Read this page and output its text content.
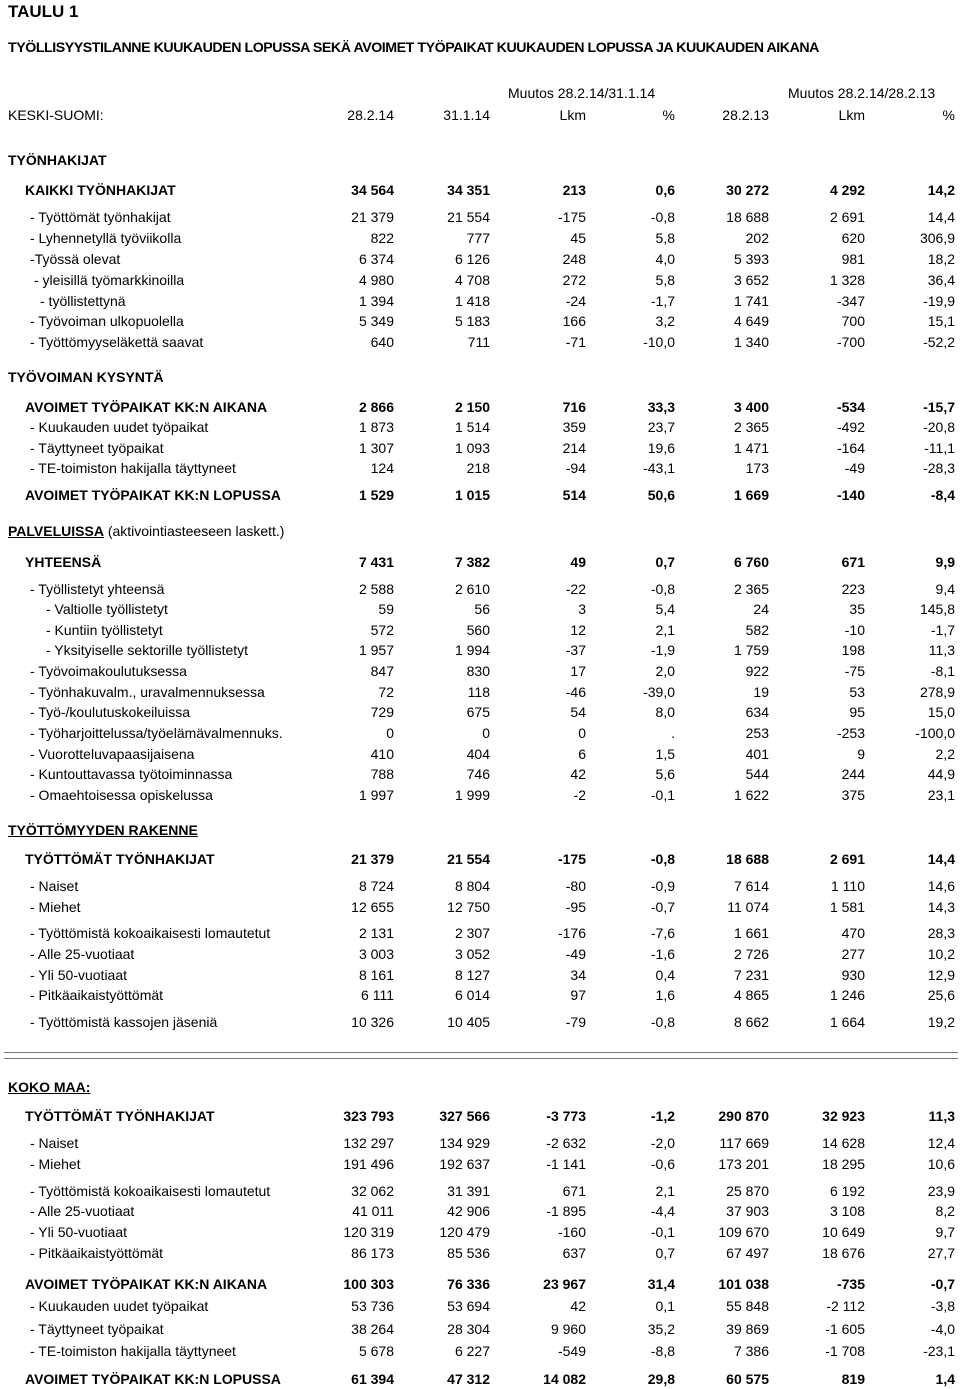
TAULU 1
TYÖLLISYYSTILANNE KUUKAUDEN LOPUSSA SEKÄ AVOIMET TYÖPAIKAT KUUKAUDEN LOPUSSA JA KUUKAUDEN AIKANA
Muutos 28.2.14/31.1.14	Muutos 28.2.14/28.2.13
KESKI-SUOMI:	28.2.14	31.1.14	Lkm	%	28.2.13	Lkm	%
TYÖNHAKIJAT
TYÖVOIMAN KYSYNTÄ
PALVELUISSA (aktivointiasteeseen laskett.)
TYÖTTÖMYYDEN RAKENNE
KOKO MAA:
KAIKKI TYÖNHAKIJAT	34 564	34 351	213	0,6	30 272	4 292	14,2
- Työttömät työnhakijat	21 379	21 554	-175	-0,8	18 688	2 691	14,4
- Lyhennetyllä työviikolla	822	777	45	5,8	202	620	306,9
-Työssä olevat	6 374	6 126	248	4,0	5 393	981	18,2
- yleisillä työmarkkinoilla	4 980	4 708	272	5,8	3 652	1 328	36,4
- työllistettynä	1 394	1 418	-24	-1,7	1 741	-347	-19,9
- Työvoiman ulkopuolella	5 349	5 183	166	3,2	4 649	700	15,1
- Työttömyyseläkettä saavat	640	711	-71	-10,0	1 340	-700	-52,2
AVOIMET TYÖPAIKAT KK:N AIKANA	2 866	2 150	716	33,3	3 400	-534	-15,7
- Kuukauden uudet työpaikat	1 873	1 514	359	23,7	2 365	-492	-20,8
- Täyttyneet työpaikat	1 307	1 093	214	19,6	1 471	-164	-11,1
- TE-toimiston hakijalla täyttyneet	124	218	-94	-43,1	173	-49	-28,3
AVOIMET TYÖPAIKAT KK:N LOPUSSA	1 529	1 015	514	50,6	1 669	-140	-8,4
YHTEENSÄ	7 431	7 382	49	0,7	6 760	671	9,9
- Työllistetyt yhteensä	2 588	2 610	-22	-0,8	2 365	223	9,4
- Valtiolle työllistetyt	59	56	3	5,4	24	35	145,8
- Kuntiin työllistetyt	572	560	12	2,1	582	-10	-1,7
- Yksityiselle sektorille työllistetyt	1 957	1 994	-37	-1,9	1 759	198	11,3
- Työvoimakoulutuksessa	847	830	17	2,0	922	-75	-8,1
- Työnhakuvalm., uravalmennuksessa	72	118	-46	-39,0	19	53	278,9
- Työ-/koulutuskokeiluissa	729	675	54	8,0	634	95	15,0
- Työharjoittelussa/työelämävalmennuks.	0	0	0	.	253	-253	-100,0
- Vuorotteluvapaasijaisena	410	404	6	1,5	401	9	2,2
- Kuntouttavassa työtoiminnassa	788	746	42	5,6	544	244	44,9
- Omaehtoisessa opiskelussa	1 997	1 999	-2	-0,1	1 622	375	23,1
TYÖTTÖMÄT TYÖNHAKIJAT	21 379	21 554	-175	-0,8	18 688	2 691	14,4
- Naiset	8 724	8 804	-80	-0,9	7 614	1 110	14,6
- Miehet	12 655	12 750	-95	-0,7	11 074	1 581	14,3
- Työttömistä kokoaikaisesti lomautetut	2 131	2 307	-176	-7,6	1 661	470	28,3
- Alle 25-vuotiaat	3 003	3 052	-49	-1,6	2 726	277	10,2
- Yli 50-vuotiaat	8 161	8 127	34	0,4	7 231	930	12,9
- Pitkäaikaistyöttömät	6 111	6 014	97	1,6	4 865	1 246	25,6
- Työttömistä kassojen jäseniä	10 326	10 405	-79	-0,8	8 662	1 664	19,2
TYÖTTÖMÄT TYÖNHAKIJAT	323 793	327 566	-3 773	-1,2	290 870	32 923	11,3
- Naiset	132 297	134 929	-2 632	-2,0	117 669	14 628	12,4
- Miehet	191 496	192 637	-1 141	-0,6	173 201	18 295	10,6
- Työttömistä kokoaikaisesti lomautetut	32 062	31 391	671	2,1	25 870	6 192	23,9
- Alle 25-vuotiaat	41 011	42 906	-1 895	-4,4	37 903	3 108	8,2
- Yli 50-vuotiaat	120 319	120 479	-160	-0,1	109 670	10 649	9,7
- Pitkäaikaistyöttömät	86 173	85 536	637	0,7	67 497	18 676	27,7
AVOIMET TYÖPAIKAT KK:N AIKANA	100 303	76 336	23 967	31,4	101 038	-735	-0,7
- Kuukauden uudet työpaikat	53 736	53 694	42	0,1	55 848	-2 112	-3,8
- Täyttyneet työpaikat	38 264	28 304	9 960	35,2	39 869	-1 605	-4,0
- TE-toimiston hakijalla täyttyneet	5 678	6 227	-549	-8,8	7 386	-1 708	-23,1
AVOIMET TYÖPAIKAT KK:N LOPUSSA	61 394	47 312	14 082	29,8	60 575	819	1,4
